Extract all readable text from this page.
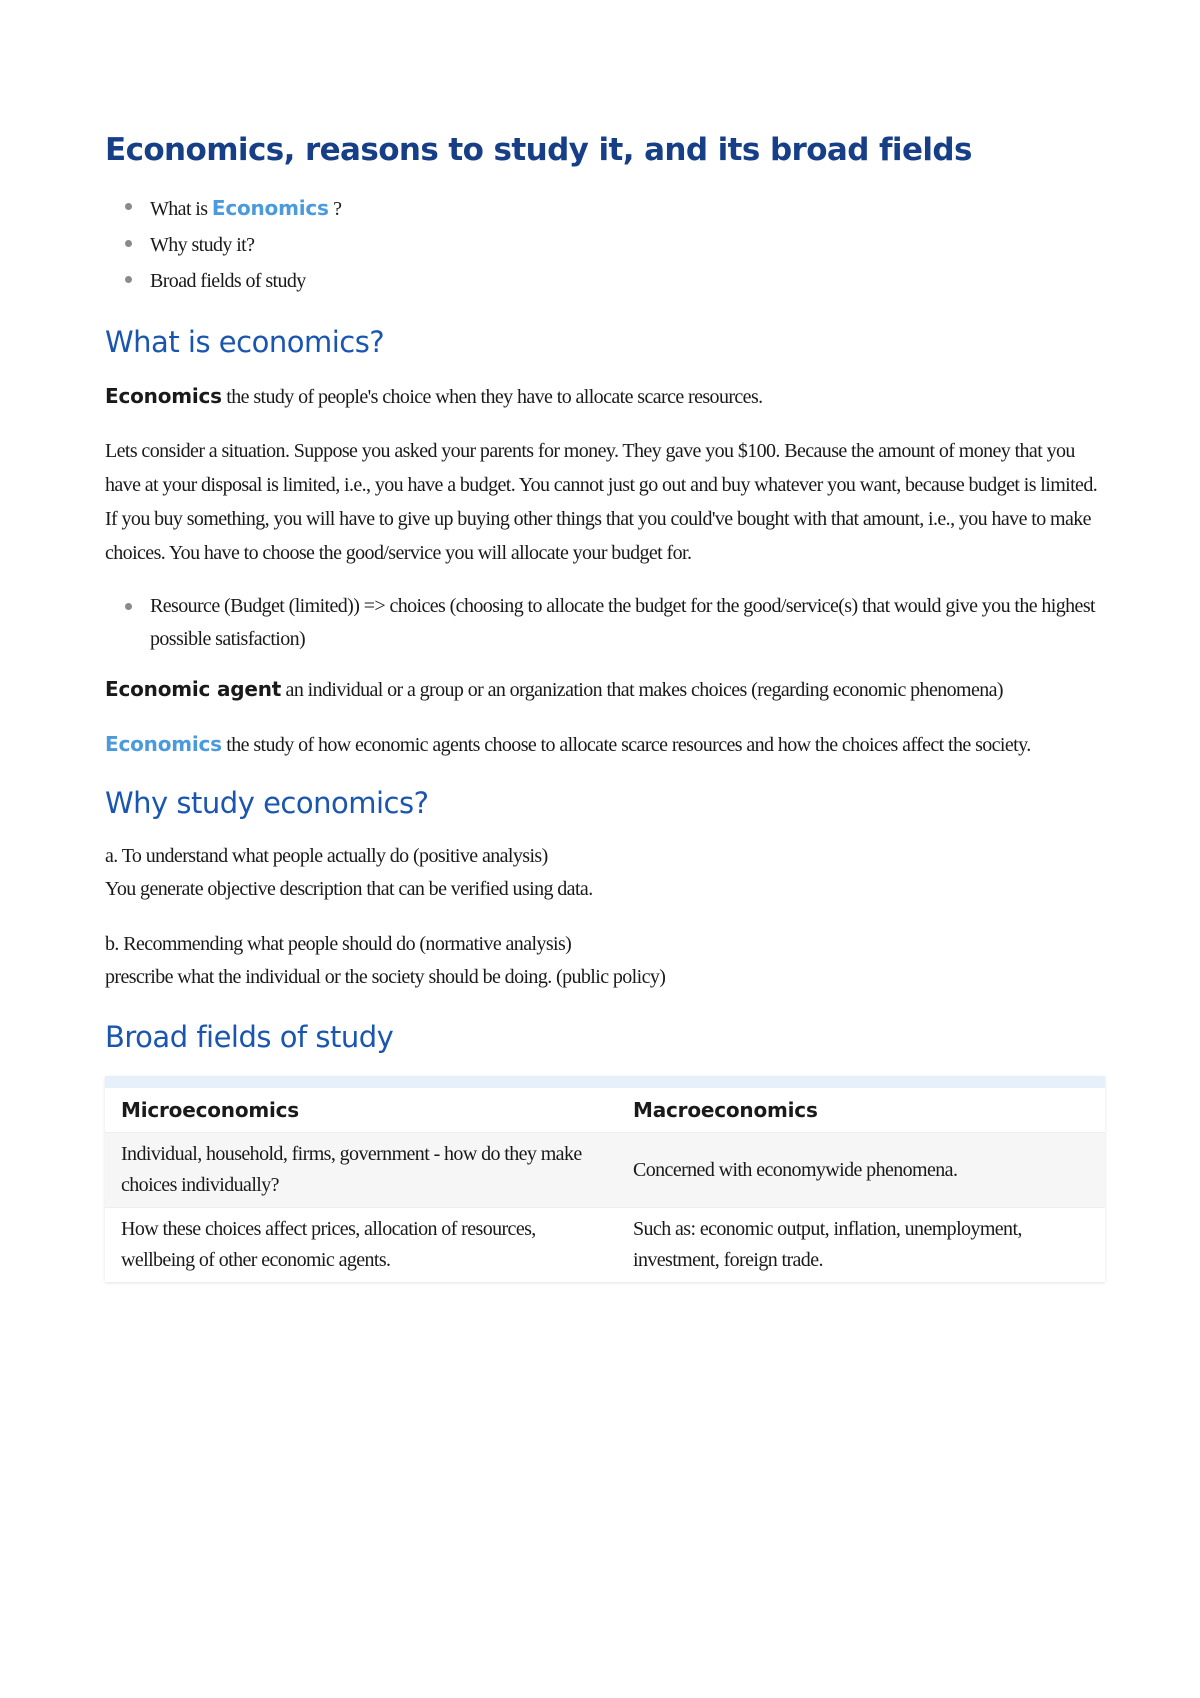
Economics, reasons to study it, and its broad fields
What is Economics ?
Why study it?
Broad fields of study
What is economics?

Economics the study of people's choice when they have to allocate scarce resources.

Lets consider a situation. Suppose you asked your parents for money. They gave you $100. Because the amount of money that you have at your disposal is limited, i.e., you have a budget. You cannot just go out and buy whatever you want, because budget is limited. If you buy something, you will have to give up buying other things that you could've bought with that amount, i.e., you have to make choices. You have to choose the good/service you will allocate your budget for.

Resource (Budget (limited)) => choices (choosing to allocate the budget for the good/service(s) that would give you the highest possible satisfaction)

Economic agent an individual or a group or an organization that makes choices (regarding economic phenomena)

Economics the study of how economic agents choose to allocate scarce resources and how the choices affect the society.

Why study economics?
a. To understand what people actually do (positive analysis)
You generate objective description that can be verified using data.
b. Recommending what people should do (normative analysis)
prescribe what the individual or the society should be doing. (public policy)
Broad fields of study
Microeconomics	Macroeconomics
Individual, household, firms, government - how do they make choices individually?	Concerned with economywide phenomena.
How these choices affect prices, allocation of resources, wellbeing of other economic agents.	Such as: economic output, inflation, unemployment, investment, foreign trade.
